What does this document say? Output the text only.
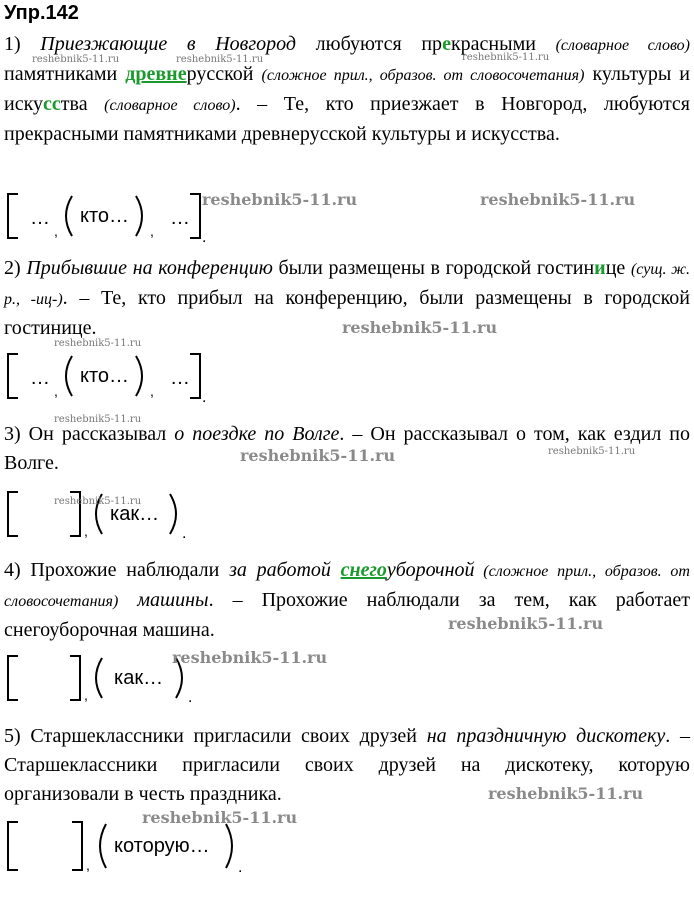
Упр.142
1) Приезжающие в Новгород любуются прекрасными (словарное слово) памятниками древнерусской (сложное прил., образов. от словосочетания) культуры и искусства (словарное слово). – Те, кто приезжает в Новгород, любуются прекрасными памятниками древнерусской культуры и искусства.
…
,
кто…
,
…
.
2) Прибывшие на конференцию были размещены в городской гостинице (сущ. ж. р., -иц-). – Те, кто прибыл на конференцию, были размещены в городской гостинице.
…
,
кто…
,
…
.
3) Он рассказывал о поездке по Волге. – Он рассказывал о том, как ездил по Волге.
,
как…
.
4) Прохожие наблюдали за работой снегоуборочной (сложное прил., образов. от словосочетания) машины. – Прохожие наблюдали за тем, как работает снегоуборочная машина.
,
как…
.
5) Старшеклассники пригласили своих друзей на праздничную дискотеку. – Старшеклассники пригласили своих друзей на дискотеку, которую организовали в честь праздника.
,
которую…
.
reshebnik5-11.ru	reshebnik5-11.ru	reshebnik5-11.ru
reshebnik5-11.ru	reshebnik5-11.ru
reshebnik5-11.ru
reshebnik5-11.ru
reshebnik5-11.ru
reshebnik5-11.ru	reshebnik5-11.ru
reshebnik5-11.ru
reshebnik5-11.ru
reshebnik5-11.ru
reshebnik5-11.ru
reshebnik5-11.ru
